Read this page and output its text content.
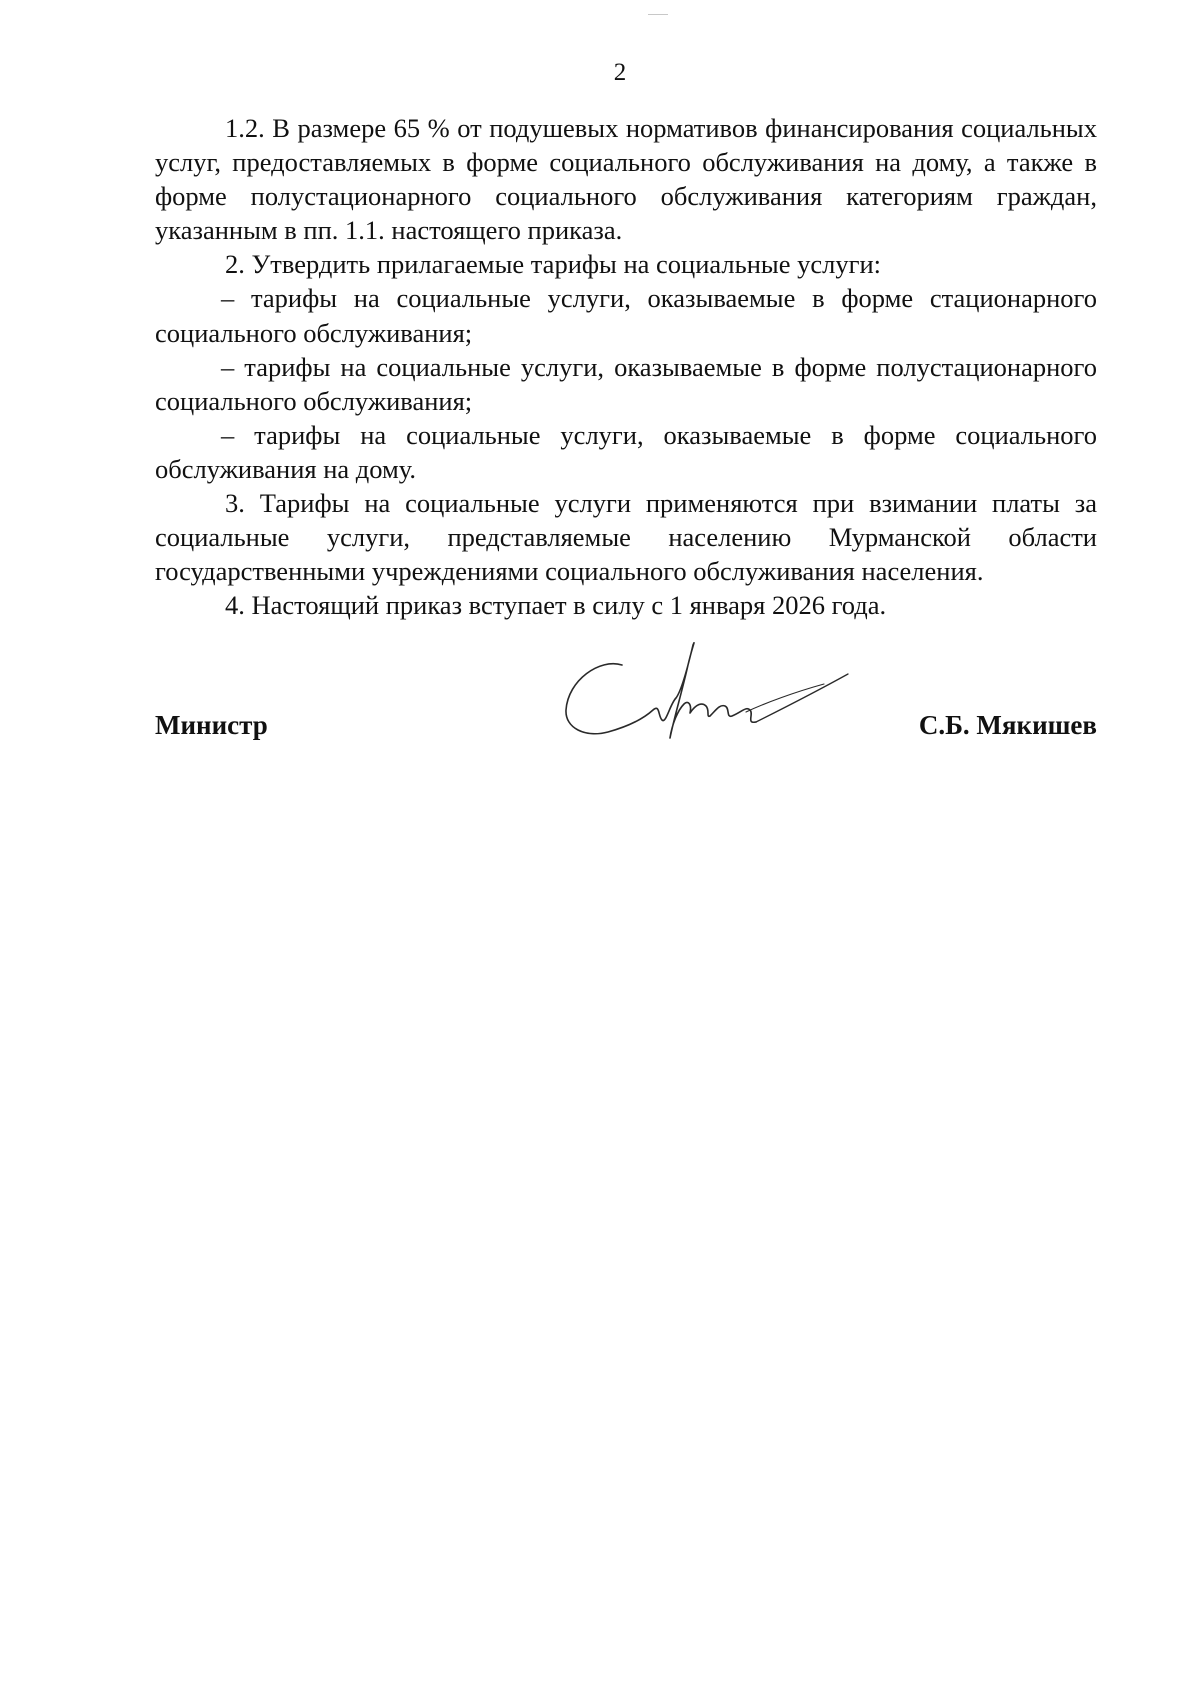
2

1.2. В размере 65 % от подушевых нормативов финансирования социальных услуг, предоставляемых в форме социального обслуживания на дому, а также в форме полустационарного социального обслуживания категориям граждан, указанным в пп. 1.1. настоящего приказа.

2. Утвердить прилагаемые тарифы на социальные услуги:

– тарифы на социальные услуги, оказываемые в форме стационарного социального обслуживания;

– тарифы на социальные услуги, оказываемые в форме полустационарного социального обслуживания;

– тарифы на социальные услуги, оказываемые в форме социального обслуживания на дому.

3. Тарифы на социальные услуги применяются при взимании платы за социальные услуги, представляемые населению Мурманской области государственными учреждениями социального обслуживания населения.

4. Настоящий приказ вступает в силу с 1 января 2026 года.

Министр	С.Б. Мякишев
